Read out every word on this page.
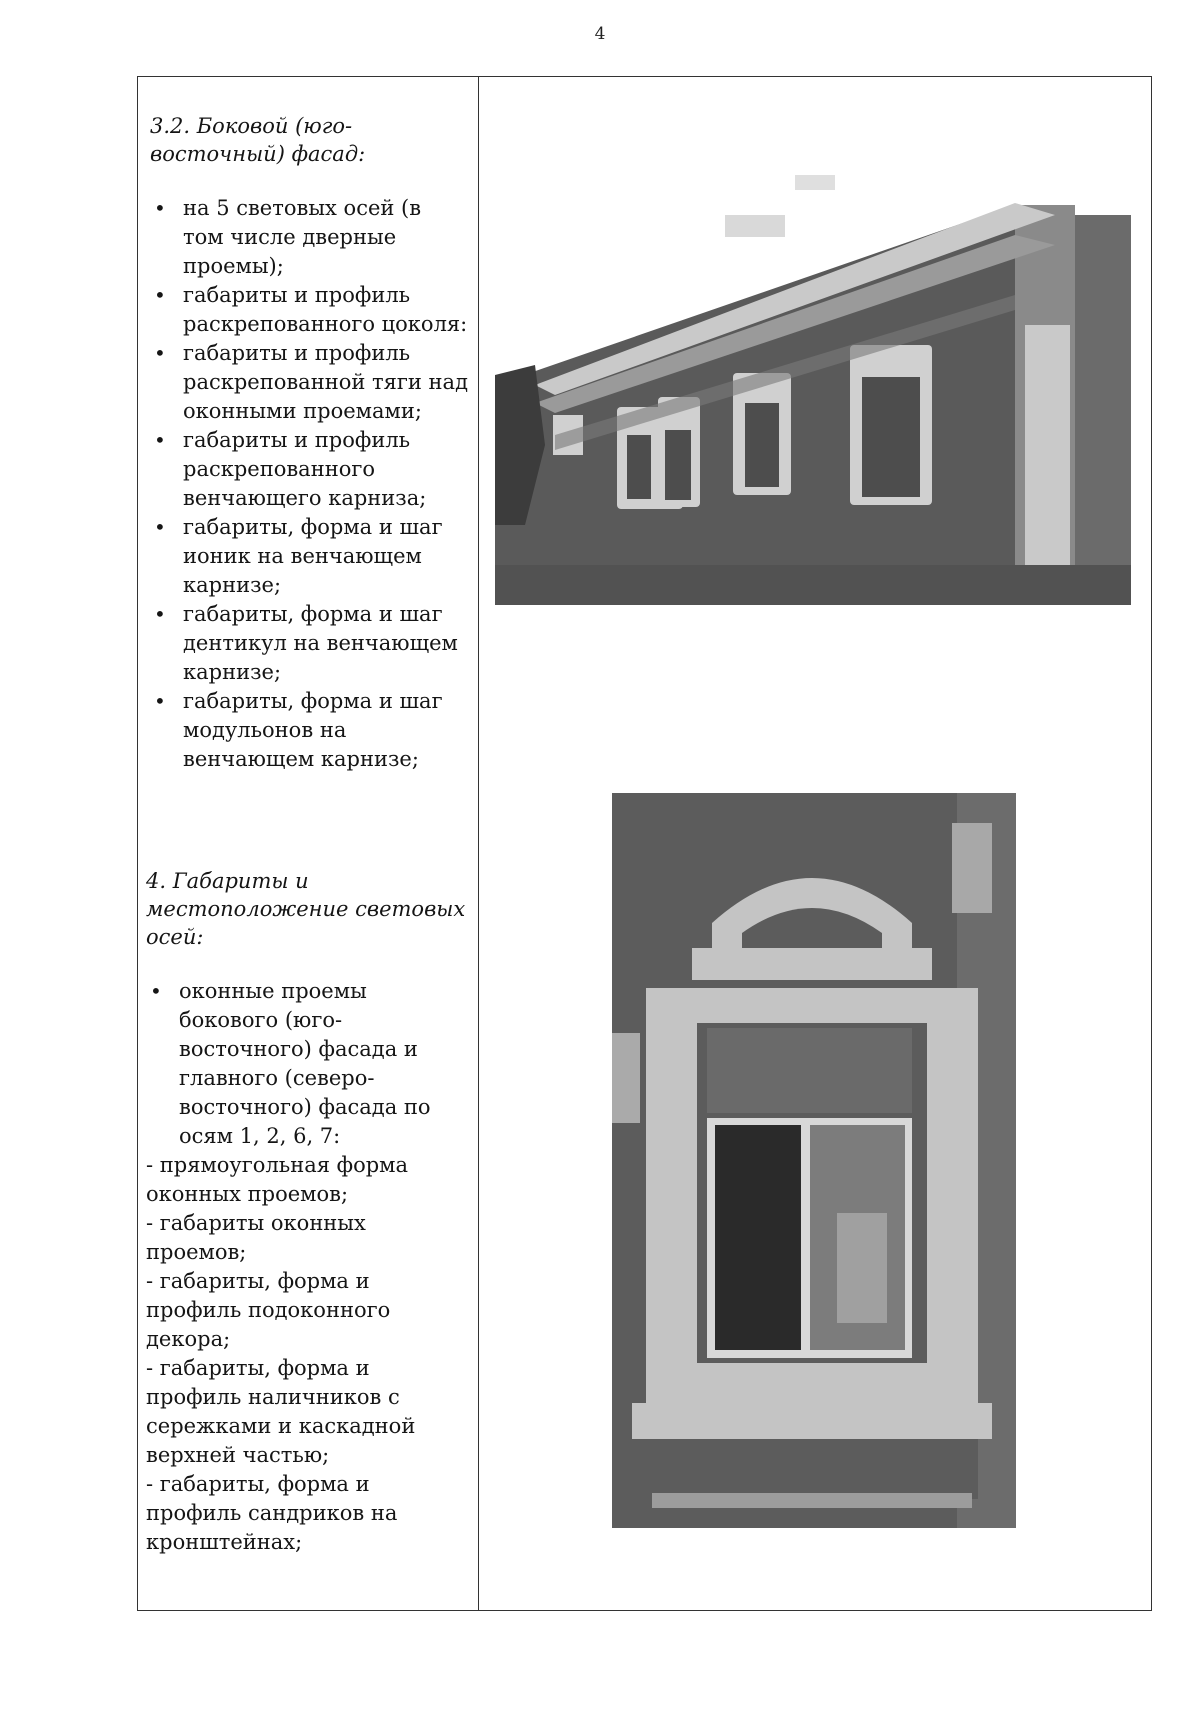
4

3.2. Боковой (юго-восточный) фасад:

• на 5 световых осей (в том числе дверные проемы);
• габариты и профиль раскрепованного цоколя:
• габариты и профиль раскрепованной тяги над оконными проемами;
• габариты и профиль раскрепованного венчающего карниза;
• габариты, форма и шаг ионик на венчающем карнизе;
• габариты, форма и шаг дентикул на венчающем карнизе;
• габариты, форма и шаг модульонов на венчающем карнизе;

4. Габариты и местоположение световых осей:

• оконные проемы бокового (юго-восточного) фасада и главного (северо-восточного) фасада по осям 1, 2, 6, 7:
- прямоугольная форма оконных проемов;
- габариты оконных проемов;
- габариты, форма и профиль подоконного декора;
- габариты, форма и профиль наличников с сережками и каскадной верхней частью;
- габариты, форма и профиль сандриков на кронштейнах;
